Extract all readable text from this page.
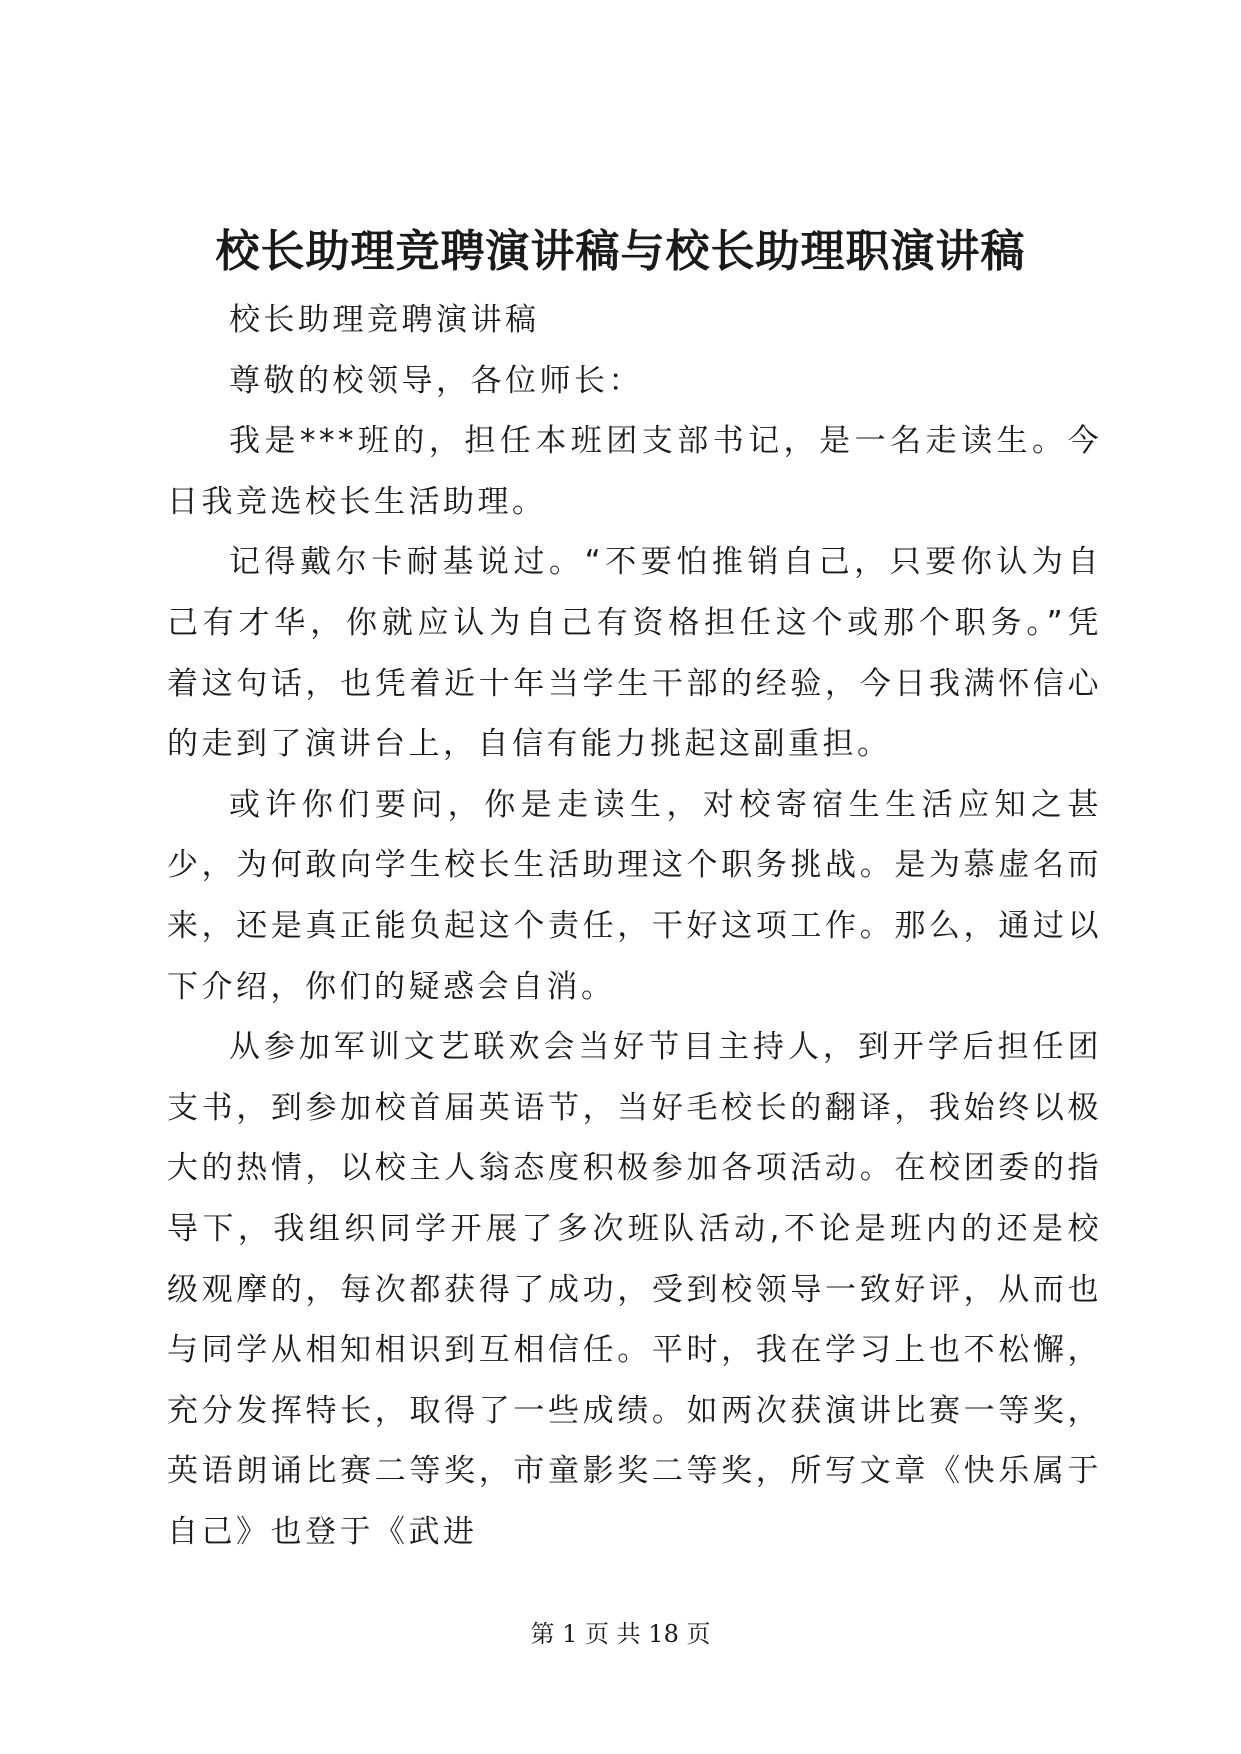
校长助理竞聘演讲稿与校长助理职演讲稿

校长助理竞聘演讲稿

尊敬的校领导，各位师长：

我是***班的，担任本班团支部书记，是一名走读生。今日我竞选校长生活助理。

记得戴尔卡耐基说过。“不要怕推销自己，只要你认为自己有才华，你就应认为自己有资格担任这个或那个职务。”凭着这句话，也凭着近十年当学生干部的经验，今日我满怀信心的走到了演讲台上，自信有能力挑起这副重担。

或许你们要问，你是走读生，对校寄宿生生活应知之甚少，为何敢向学生校长生活助理这个职务挑战。是为慕虚名而来，还是真正能负起这个责任，干好这项工作。那么，通过以下介绍，你们的疑惑会自消。

从参加军训文艺联欢会当好节目主持人，到开学后担任团支书，到参加校首届英语节，当好毛校长的翻译，我始终以极大的热情，以校主人翁态度积极参加各项活动。在校团委的指导下，我组织同学开展了多次班队活动,不论是班内的还是校级观摩的，每次都获得了成功，受到校领导一致好评，从而也与同学从相知相识到互相信任。平时，我在学习上也不松懈，充分发挥特长，取得了一些成绩。如两次获演讲比赛一等奖，英语朗诵比赛二等奖，市童影奖二等奖，所写文章《快乐属于自己》也登于《武进

第 1 页 共 18 页
